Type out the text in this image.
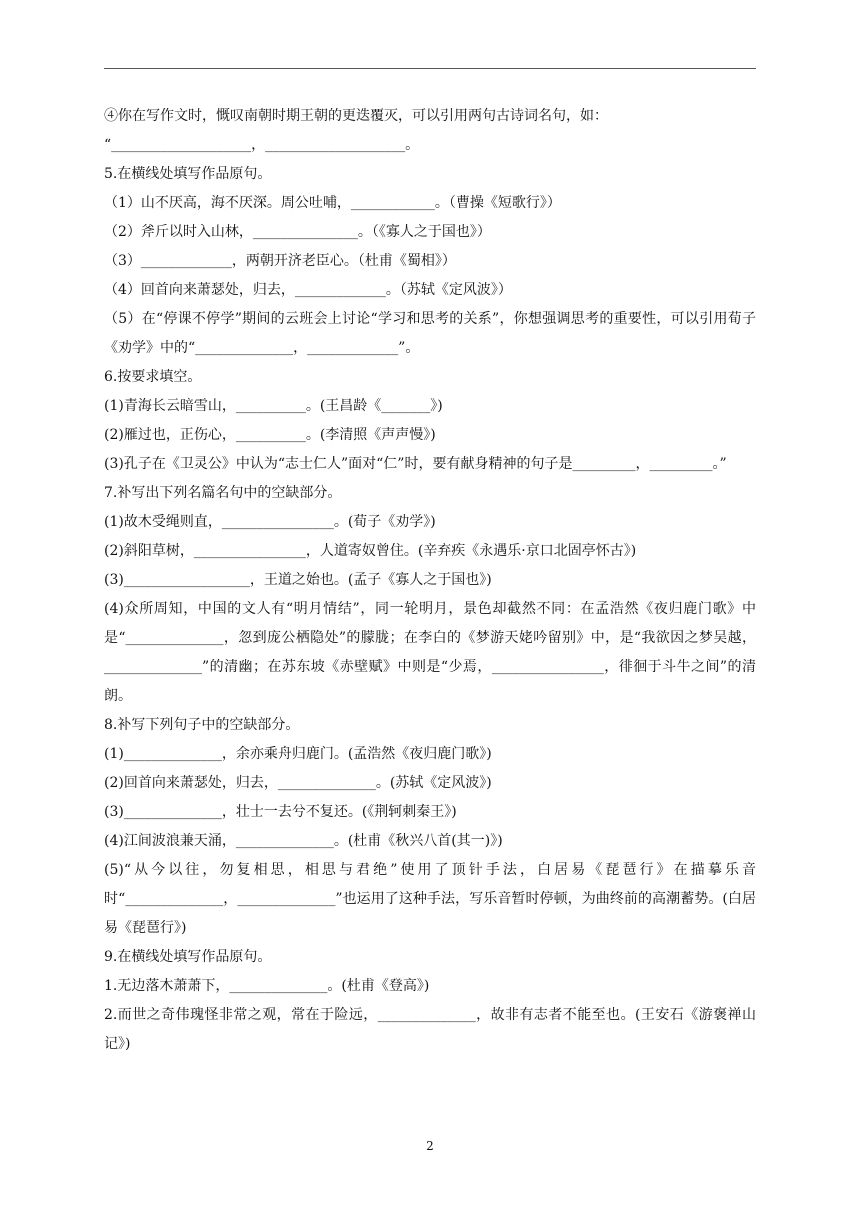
④你在写作文时，慨叹南朝时期王朝的更迭覆灭，可以引用两句古诗词名句，如：
“____________________，____________________。
5.在横线处填写作品原句。
（1）山不厌高，海不厌深。周公吐哺，____________。（曹操《短歌行》）
（2）斧斤以时入山林，_______________。（《寡人之于国也》）
（3）_____________，两朝开济老臣心。（杜甫《蜀相》）
（4）回首向来萧瑟处，归去，_____________。（苏轼《定风波》）
（5）在“停课不停学”期间的云班会上讨论“学习和思考的关系”，你想强调思考的重要性，可以引用荀子《劝学》中的“______________，_____________”。
6.按要求填空。
(1)青海长云暗雪山，__________。(王昌龄《_______》)
(2)雁过也，正伤心，__________。(李清照《声声慢》)
(3)孔子在《卫灵公》中认为“志士仁人”面对“仁”时，要有献身精神的句子是_________，_________。”
7.补写出下列名篇名句中的空缺部分。
(1)故木受绳则直，________________。(荀子《劝学》)
(2)斜阳草树，________________，人道寄奴曾住。(辛弃疾《永遇乐·京口北固亭怀古》)
(3)__________________，王道之始也。(孟子《寡人之于国也》)
(4)众所周知，中国的文人有“明月情结”，同一轮明月，景色却截然不同：在孟浩然《夜归鹿门歌》中是“______________，忽到庞公栖隐处”的朦胧；在李白的《梦游天姥吟留别》中，是“我欲因之梦吴越，______________”的清幽；在苏东坡《赤壁赋》中则是“少焉，________________，徘徊于斗牛之间”的清朗。
8.补写下列句子中的空缺部分。
(1)______________，余亦乘舟归鹿门。(孟浩然《夜归鹿门歌》)
(2)回首向来萧瑟处，归去，______________。(苏轼《定风波》)
(3)______________，壮士一去兮不复还。(《荆轲刺秦王》)
(4)江间波浪兼天涌，______________。(杜甫《秋兴八首(其一)》)
(5)“从今以往，勿复相思，相思与君绝”使用了顶针手法，白居易《琵琶行》在描摹乐音时“______________，______________”也运用了这种手法，写乐音暂时停顿，为曲终前的高潮蓄势。(白居易《琵琶行》)
9.在横线处填写作品原句。
1.无边落木萧萧下，______________。(杜甫《登高》)
2.而世之奇伟瑰怪非常之观，常在于险远，______________，故非有志者不能至也。(王安石《游褒禅山记》)
2
